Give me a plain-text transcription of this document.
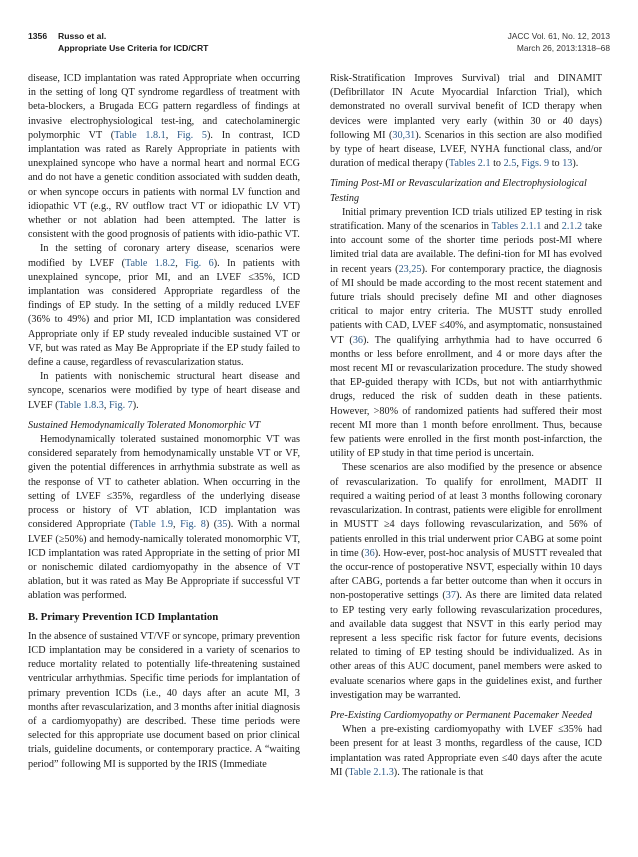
1356 Russo et al.
Appropriate Use Criteria for ICD/CRT
JACC Vol. 61, No. 12, 2013
March 26, 2013:1318–68

disease, ICD implantation was rated Appropriate when occurring in the setting of long QT syndrome regardless of treatment with beta-blockers, a Brugada ECG pattern regardless of findings at invasive electrophysiological test-ing, and catecholaminergic polymorphic VT (Table 1.8.1, Fig. 5). In contrast, ICD implantation was rated as Rarely Appropriate in patients with unexplained syncope who have a normal heart and normal ECG and do not have a genetic condition associated with sudden death, or when syncope occurs in patients with normal LV function and idiopathic VT (e.g., RV outflow tract VT or idiopathic LV VT) whether or not ablation had been attempted. The latter is consistent with the good prognosis of patients with idio-pathic VT.

In the setting of coronary artery disease, scenarios were modified by LVEF (Table 1.8.2, Fig. 6). In patients with unexplained syncope, prior MI, and an LVEF ≤35%, ICD implantation was considered Appropriate regardless of the findings of EP study. In the setting of a mildly reduced LVEF (36% to 49%) and prior MI, ICD implantation was considered Appropriate only if EP study revealed inducible sustained VT or VF, but was rated as May Be Appropriate if the EP study failed to define a cause, regardless of revascularization status.

In patients with nonischemic structural heart disease and syncope, scenarios were modified by type of heart disease and LVEF (Table 1.8.3, Fig. 7).

Sustained Hemodynamically Tolerated Monomorphic VT

Hemodynamically tolerated sustained monomorphic VT was considered separately from hemodynamically unstable VT or VF, given the potential differences in arrhythmia substrate as well as the response of VT to catheter ablation. When occurring in the setting of LVEF ≤35%, regardless of the underlying disease process or history of VT ablation, ICD implantation was considered Appropriate (Table 1.9, Fig. 8) (35). With a normal LVEF (≥50%) and hemody-namically tolerated monomorphic VT, ICD implantation was rated Appropriate in the setting of prior MI or nonischemic dilated cardiomyopathy in the absence of VT ablation, but it was rated as May Be Appropriate if successful VT ablation was performed.

B. Primary Prevention ICD Implantation

In the absence of sustained VT/VF or syncope, primary prevention ICD implantation may be considered in a variety of scenarios to reduce mortality related to potentially life-threatening sustained ventricular arrhythmias. Specific time periods for implantation of primary prevention ICDs (i.e., 40 days after an acute MI, 3 months after revascularization, and 3 months after initial diagnosis of a cardiomyopathy) are described. These time periods were selected for this appropriate use document based on prior clinical trials, guideline documents, or contemporary practice. A “waiting period” following MI is supported by the IRIS (Immediate

Risk-Stratification Improves Survival) trial and DINAMIT (Defibrillator IN Acute Myocardial Infarction Trial), which demonstrated no overall survival benefit of ICD therapy when devices were implanted very early (within 30 or 40 days) following MI (30,31). Scenarios in this section are also modified by type of heart disease, LVEF, NYHA functional class, and/or duration of medical therapy (Tables 2.1 to 2.5, Figs. 9 to 13).

Timing Post-MI or Revascularization and Electrophysiological Testing

Initial primary prevention ICD trials utilized EP testing in risk stratification. Many of the scenarios in Tables 2.1.1 and 2.1.2 take into account some of the shorter time periods post-MI where limited trial data are available. The defini-tion for MI has evolved in recent years (23,25). For contemporary practice, the diagnosis of MI should be made according to the most recent statement and future trials should precisely define MI and other diagnoses critical to major entry criteria. The MUSTT study enrolled patients with CAD, LVEF ≤40%, and asymptomatic, nonsustained VT (36). The qualifying arrhythmia had to have occurred 6 months or less before enrollment, and 4 or more days after the most recent MI or revascularization procedure. The study showed that EP-guided therapy with ICDs, but not with antiarrhythmic drugs, reduced the risk of sudden death in these patients. However, >80% of randomized patients had suffered their most recent MI more than 1 month before enrollment. Thus, because few patients were enrolled in the first month post-infarction, the utility of EP study in that time period is uncertain.

These scenarios are also modified by the presence or absence of revascularization. To qualify for enrollment, MADIT II required a waiting period of at least 3 months following coronary revascularization. In contrast, patients were eligible for enrollment in MUSTT ≥4 days following revascularization, and 56% of patients enrolled in this trial underwent prior CABG at some point in time (36). How-ever, post-hoc analysis of MUSTT revealed that the occur-rence of postoperative NSVT, especially within 10 days after CABG, portends a far better outcome than when it occurs in non-postoperative settings (37). As there are limited data related to EP testing very early following revascularization procedures, and available data suggest that NSVT in this early period may represent a less specific risk factor for future events, decisions related to timing of EP testing should be individualized. As in other areas of this AUC document, panel members were asked to evaluate scenarios where gaps in the guidelines exist, and further investigation may be warranted.

Pre-Existing Cardiomyopathy or Permanent Pacemaker Needed

When a pre-existing cardiomyopathy with LVEF ≤35% had been present for at least 3 months, regardless of the cause, ICD implantation was rated Appropriate even ≤40 days after the acute MI (Table 2.1.3). The rationale is that
